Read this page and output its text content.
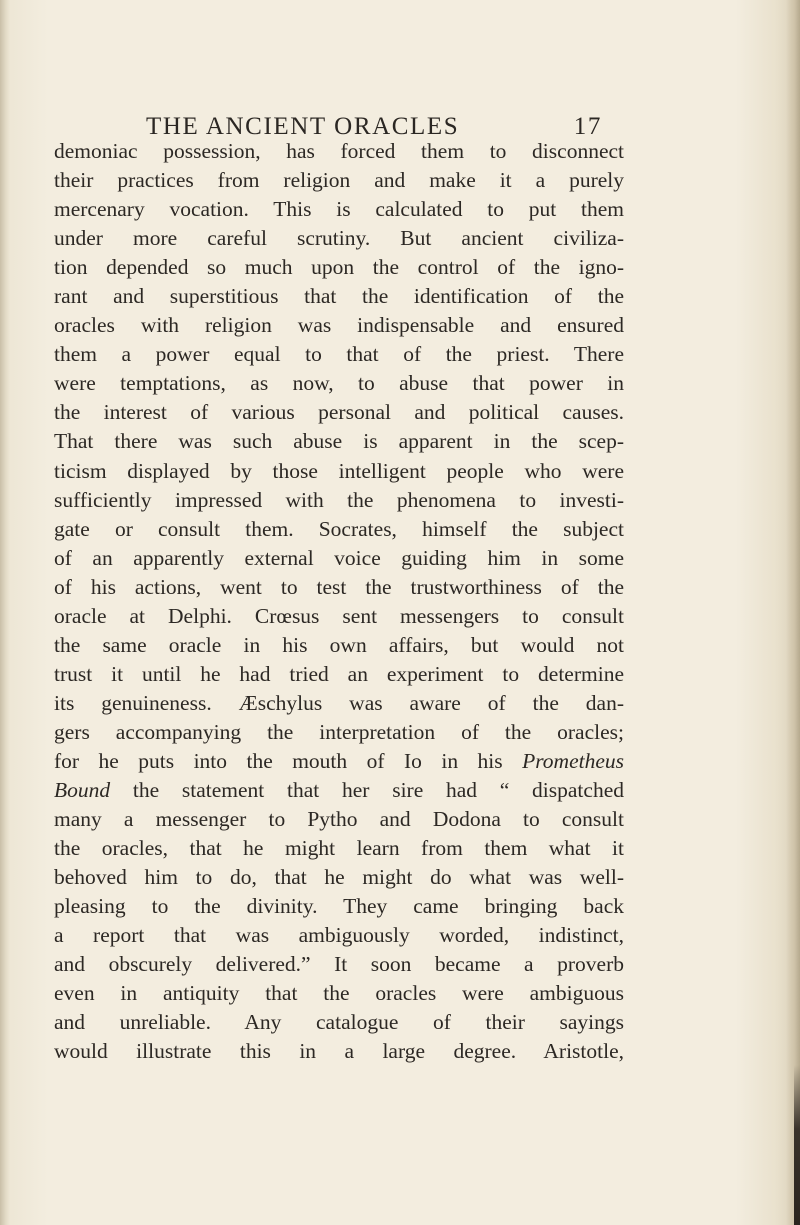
THE ANCIENT ORACLES	17
demoniac possession, has forced them to disconnect
their practices from religion and make it a purely
mercenary vocation. This is calculated to put them
under more careful scrutiny. But ancient civiliza-
tion depended so much upon the control of the igno-
rant and superstitious that the identification of the
oracles with religion was indispensable and ensured
them a power equal to that of the priest. There
were temptations, as now, to abuse that power in
the interest of various personal and political causes.
That there was such abuse is apparent in the scep-
ticism displayed by those intelligent people who were
sufficiently impressed with the phenomena to investi-
gate or consult them. Socrates, himself the subject
of an apparently external voice guiding him in some
of his actions, went to test the trustworthiness of the
oracle at Delphi. Crœsus sent messengers to consult
the same oracle in his own affairs, but would not
trust it until he had tried an experiment to determine
its genuineness. Æschylus was aware of the dan-
gers accompanying the interpretation of the oracles;
for he puts into the mouth of Io in his Prometheus
Bound the statement that her sire had “ dispatched
many a messenger to Pytho and Dodona to consult
the oracles, that he might learn from them what it
behoved him to do, that he might do what was well-
pleasing to the divinity. They came bringing back
a report that was ambiguously worded, indistinct,
and obscurely delivered.” It soon became a proverb
even in antiquity that the oracles were ambiguous
and unreliable. Any catalogue of their sayings
would illustrate this in a large degree. Aristotle,
